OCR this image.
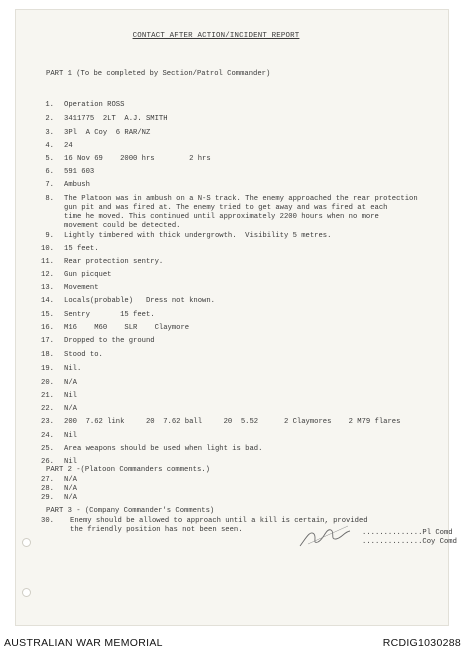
CONTACT AFTER ACTION/INCIDENT REPORT
PART 1 (To be completed by Section/Patrol Commander)
1. Operation ROSS
2. 3411775  2LT  A.J. SMITH
3. 3Pl  A Coy  6 RAR/NZ
4. 24
5. 16 Nov 69    2000 hrs        2 hrs
6. 591 603
7. Ambush
8. The Platoon was in ambush on a N-S track. The enemy approached the rear protection
gun pit and was fired at. The enemy tried to get away and was fired at each
time he moved. This continued until approximately 2200 hours when no more
movement could be detected.
9. Lightly timbered with thick undergrowth.  Visibility 5 metres.
10. 15 feet.
11. Rear protection sentry.
12. Gun picquet
13. Movement
14. Locals(probable)   Dress not known.
15. Sentry       15 feet.
16. M16    M60    SLR    Claymore
17. Dropped to the ground
18. Stood to.
19. Nil.
20. N/A
21. Nil
22. N/A
23. 200  7.62 link     20  7.62 ball     20  5.52      2 Claymores    2 M79 flares
24. Nil
25. Area weapons should be used when light is bad.
26. Nil
PART 2 -(Platoon Commanders comments.)
27. N/A
28. N/A
29. N/A
PART 3 - (Company Commander's Comments)
30. Enemy should be allowed to approach until a kill is certain, provided
the friendly position has not been seen.	..............Pl Comd
..............Coy Comd
AUSTRALIAN WAR MEMORIAL	RCDIG1030288
